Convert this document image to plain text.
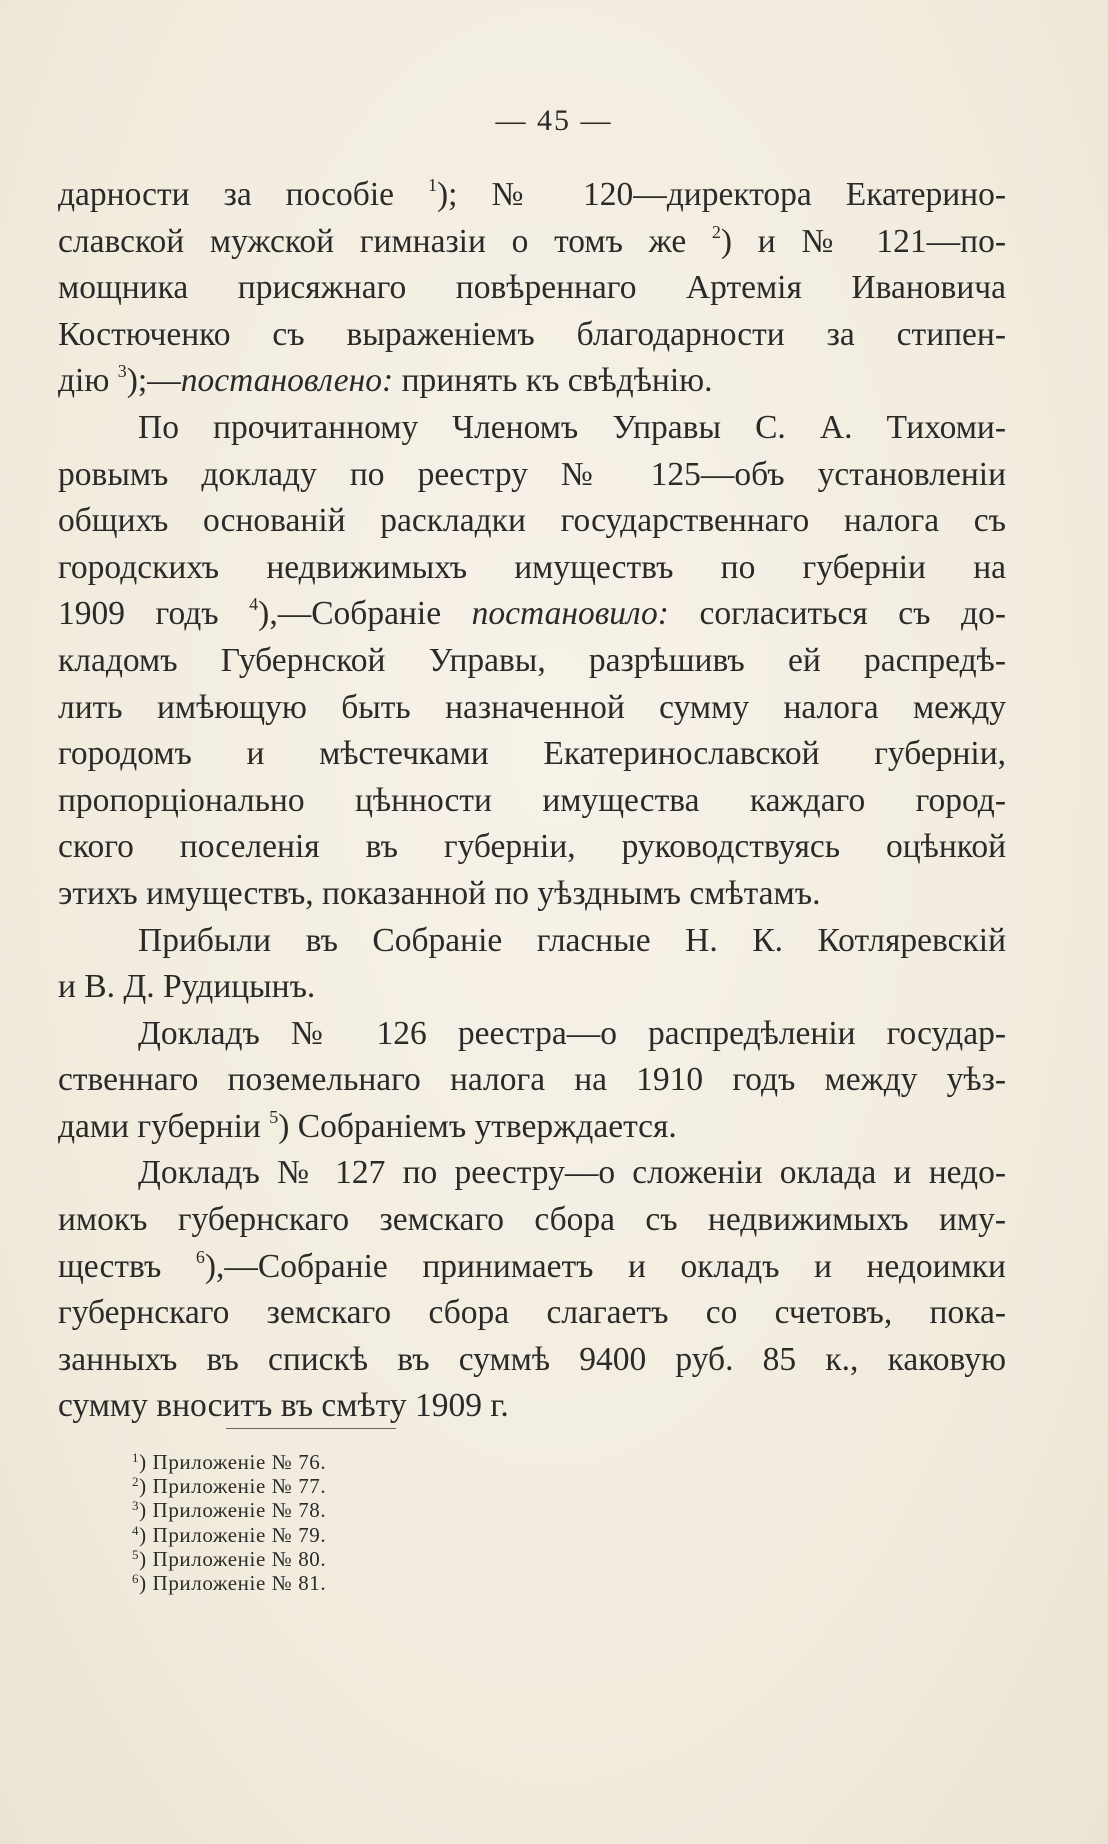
— 45 —
дарности за пособіе $^1$); № 120—директора Екатерино-
славской мужской гимназіи о томъ же $^2$) и № 121—по-
мощника присяжнаго повѣреннаго Артемія Ивановича
Костюченко съ выраженіемъ благодарности за стипен-
дію $^3$);—постановлено: принять къ свѣдѣнію.
По прочитанному Членомъ Управы С. А. Тихоми-
ровымъ докладу по реестру № 125—объ установленіи
общихъ основаній раскладки государственнаго налога съ
городскихъ недвижимыхъ имуществъ по губерніи на
1909 годъ $^4$),—Собраніе постановило: согласиться съ до-
кладомъ Губернской Управы, разрѣшивъ ей распредѣ-
лить имѣющую быть назначенной сумму налога между
городомъ и мѣстечками Екатеринославской губерніи,
пропорціонально цѣнности имущества каждаго город-
ского поселенія въ губерніи, руководствуясь оцѣнкой
этихъ имуществъ, показанной по уѣзднымъ смѣтамъ.
Прибыли въ Собраніе гласные Н. К. Котляревскій
и В. Д. Рудицынъ.
Докладъ № 126 реестра—о распредѣленіи государ-
ственнаго поземельнаго налога на 1910 годъ между уѣз-
дами губерніи $^5$) Собраніемъ утверждается.
Докладъ № 127 по реестру—о сложеніи оклада и недо-
имокъ губернскаго земскаго сбора съ недвижимыхъ иму-
ществъ $^6$),—Собраніе принимаетъ и окладъ и недоимки
губернскаго земскаго сбора слагаетъ со счетовъ, пока-
занныхъ въ спискѣ въ суммѣ 9400 руб. 85 к., каковую
сумму вноситъ въ смѣту 1909 г.
$^1$) Приложеніе № 76.
$^2$) Приложеніе № 77.
$^3$) Приложеніе № 78.
$^4$) Приложеніе № 79.
$^5$) Приложеніе № 80.
$^6$) Приложеніе № 81.
